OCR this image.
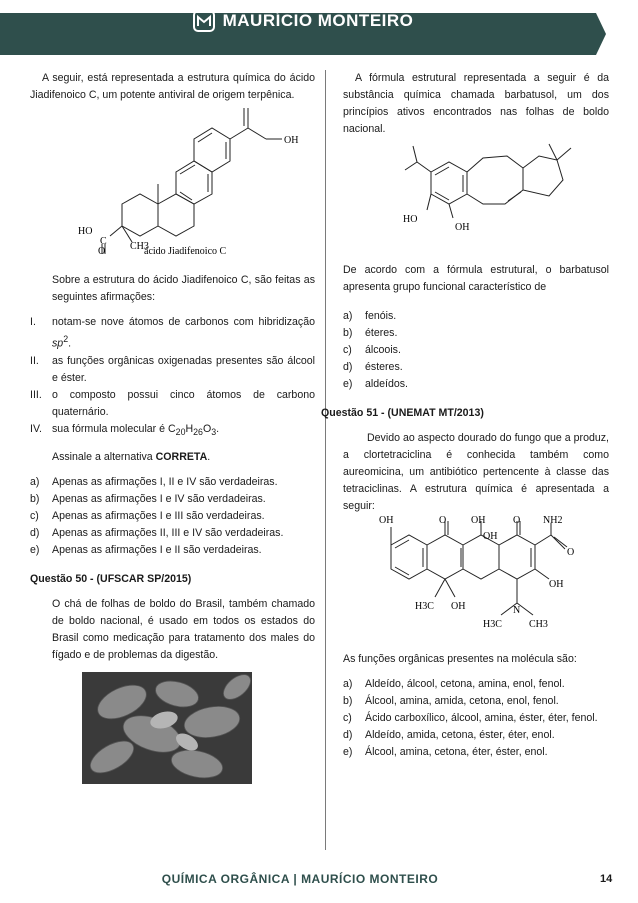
MAURÍCIO MONTEIRO

A seguir, está representada a estrutura química do ácido Jiadifenoico C, um potente antiviral de origem terpênica.

OH
HO
C CH3
O	ácido Jiadifenoico C

Sobre a estrutura do ácido Jiadifenoico C, são feitas as seguintes afirmações:

I.	notam-se nove átomos de carbonos com hibridização $sp^2$.
II.	as funções orgânicas oxigenadas presentes são álcool e éster.
III. o composto possui cinco átomos de carbono quaternário.
IV. sua fórmula molecular é $C_{20}H_{26}O_3$.

Assinale a alternativa CORRETA.

a)	Apenas as afirmações I, II e IV são verdadeiras.
b)	Apenas as afirmações I e IV são verdadeiras.
c)	Apenas as afirmações I e III são verdadeiras.
d)	Apenas as afirmações II, III e IV são verdadeiras.
e)	Apenas as afirmações I e II são verdadeiras.

Questão 50 - (UFSCAR SP/2015)

O chá de folhas de boldo do Brasil, também chamado de boldo nacional, é usado em todos os estados do Brasil como medicação para tratamento dos males do fígado e de problemas da digestão.

A fórmula estrutural representada a seguir é da substância química chamada barbatusol, um dos princípios ativos encontrados nas folhas de boldo nacional.

HO
OH

De acordo com a fórmula estrutural, o barbatusol apresenta grupo funcional característico de

a)	fenóis.
b)	éteres.
c)	álcoois.
d)	ésteres.
e)	aldeídos.

Questão 51 - (UNEMAT MT/2013)

Devido ao aspecto dourado do fungo que a produz, a clortetraciclina é conhecida também como aureomicina, um antibiótico pertencente à classe das tetraciclinas. A estrutura química é apresentada a seguir:

OH	O OH	O NH2
OH
O
OH
H3C OH	N
H3C	CH3

As funções orgânicas presentes na molécula são:

a)	Aldeído, álcool, cetona, amina, enol, fenol.
b)	Álcool, amina, amida, cetona, enol, fenol.
c)	Ácido carboxílico, álcool, amina, éster, éter, fenol.
d)	Aldeído, amida, cetona, éster, éter, enol.
e)	Álcool, amina, cetona, éter, éster, enol.
QUÍMICA ORGÂNICA | MAURÍCIO MONTEIRO	14
